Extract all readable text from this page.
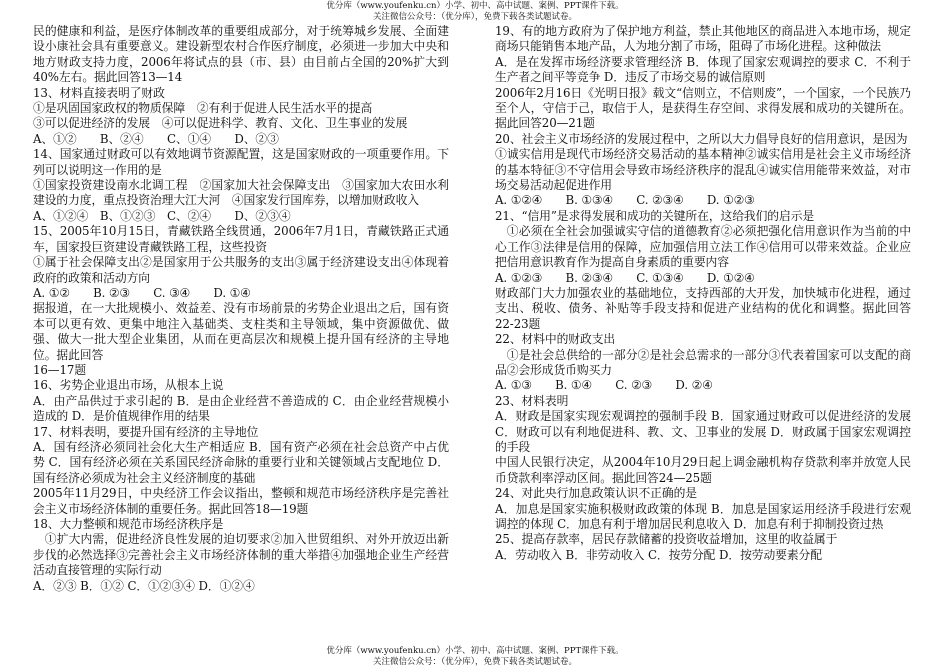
优分库（www.youfenku.cn）小学、初中、高中试题、案例、PPT课件下载。
关注微信公众号：（优分库），免费下载各类试题试卷。

民的健康和利益，是医疗体制改革的重要组成部分，对于统筹城乡发展、全面建设小康社会具有重要意义。建设新型农村合作医疗制度，必须进一步加大中央和地方财政支持力度，2006年将试点的县（市、县）由目前占全国的20%扩大到40%左右。据此回答13—14

13、材料直接表明了财政

①是巩固国家政权的物质保障　②有利于促进人民生活水平的提高

③可以促进经济的发展　④可以促进科学、教育、文化、卫生事业的发展

A、①②　　B、②④　　C、①④　　D、②③

14、国家通过财政可以有效地调节资源配置，这是国家财政的一项重要作用。下列可以说明这一作用的是

①国家投资建设南水北调工程　②国家加大社会保障支出　③国家加大农田水利建设的力度，重点投资治理大江大河　④国家发行国库券，以增加财政收入

A、①②④　B、①②③　C、②④　　D、②③④

15、2005年10月15日，青藏铁路全线贯通，2006年7月1日，青藏铁路正式通车，国家投巨资建设青藏铁路工程，这些投资

①属于社会保障支出②是国家用于公共服务的支出③属于经济建设支出④体现着政府的政策和活动方向

A. ①②　　B. ②③　　C. ③④　　D. ①④

据报道，在一大批规模小、效益差、没有市场前景的劣势企业退出之后，国有资本可以更有效、更集中地注入基础类、支柱类和主导领域，集中资源做优、做强、做大一批大型企业集团，从而在更高层次和规模上提升国有经济的主导地位。据此回答

16—17题

16、劣势企业退出市场，从根本上说

A．由产品供过于求引起的 B．是由企业经营不善造成的 C．由企业经营规模小造成的 D．是价值规律作用的结果

17、材料表明，要提升国有经济的主导地位

A．国有经济必须同社会化大生产相适应 B．国有资产必须在社会总资产中占优势 C．国有经济必须在关系国民经济命脉的重要行业和关键领域占支配地位 D．国有经济必须成为社会主义经济制度的基础

2005年11月29日，中央经济工作会议指出，整顿和规范市场经济秩序是完善社会主义市场经济体制的重要任务。据此回答18—19题

18、大力整顿和规范市场经济秩序是

①扩大内需，促进经济良性发展的迫切要求②加入世贸组织、对外开放迈出新步伐的必然选择③完善社会主义市场经济体制的重大举措④加强地企业生产经营活动直接管理的实际行动

A．②③ B．①② C．①②③④ D．①②④

19、有的地方政府为了保护地方利益，禁止其他地区的商品进入本地市场，规定商场只能销售本地产品，人为地分割了市场，阻碍了市场化进程。这种做法

A．是在发挥市场经济要求管理经济 B．体现了国家宏观调控的要求 C．不利于生产者之间平等竞争 D．违反了市场交易的诚信原则

2006年2月16日《光明日报》载文“信则立，不信则废”，一个国家，一个民族乃至个人，守信于己，取信于人，是获得生存空间、求得发展和成功的关键所在。据此回答20—21题

20、社会主义市场经济的发展过程中，之所以大力倡导良好的信用意识，是因为

①诚实信用是现代市场经济交易活动的基本精神②诚实信用是社会主义市场经济的基本特征③不守信用会导致市场经济秩序的混乱④诚实信用能带来效益，对市场交易活动起促进作用

A. ①②④　　B. ①③④　　C. ②③④　　D. ①②③

21、“信用”是求得发展和成功的关键所在，这给我们的启示是

①必须在全社会加强诚实守信的道德教育②必须把强化信用意识作为当前的中心工作③法律是信用的保障，应加强信用立法工作④信用可以带来效益。企业应把信用意识教育作为提高自身素质的重要内容

A. ①②③　　B. ②③④　　C. ①③④　　D. ①②④

财政部门大力加强农业的基础地位，支持西部的大开发，加快城市化进程，通过支出、税收、债务、补贴等手段支持和促进产业结构的优化和调整。据此回答22-23题

22、材料中的财政支出

①是社会总供给的一部分②是社会总需求的一部分③代表着国家可以支配的商品②会形成货币购买力

A. ①③　　B. ①④　　C. ②③　　D. ②④

23、材料表明

A．财政是国家实现宏观调控的强制手段 B．国家通过财政可以促进经济的发展 C．财政可以有利地促进科、教、文、卫事业的发展 D．财政属于国家宏观调控的手段

中国人民银行决定，从2004年10月29日起上调金融机构存贷款利率并放宽人民币贷款利率浮动区间。据此回答24—25题

24、对此央行加息政策认识不正确的是

A．加息是国家实施积极财政政策的体现 B．加息是国家运用经济手段进行宏观调控的体现 C．加息有利于增加居民利息收入 D．加息有利于抑制投资过热

25、提高存款率，居民存款储蓄的投资收益增加，这里的收益属于

A．劳动收入 B．非劳动收入 C．按劳分配 D．按劳动要素分配

优分库（www.youfenku.cn）小学、初中、高中试题、案例、PPT课件下载。
关注微信公众号：（优分库），免费下载各类试题试卷。
